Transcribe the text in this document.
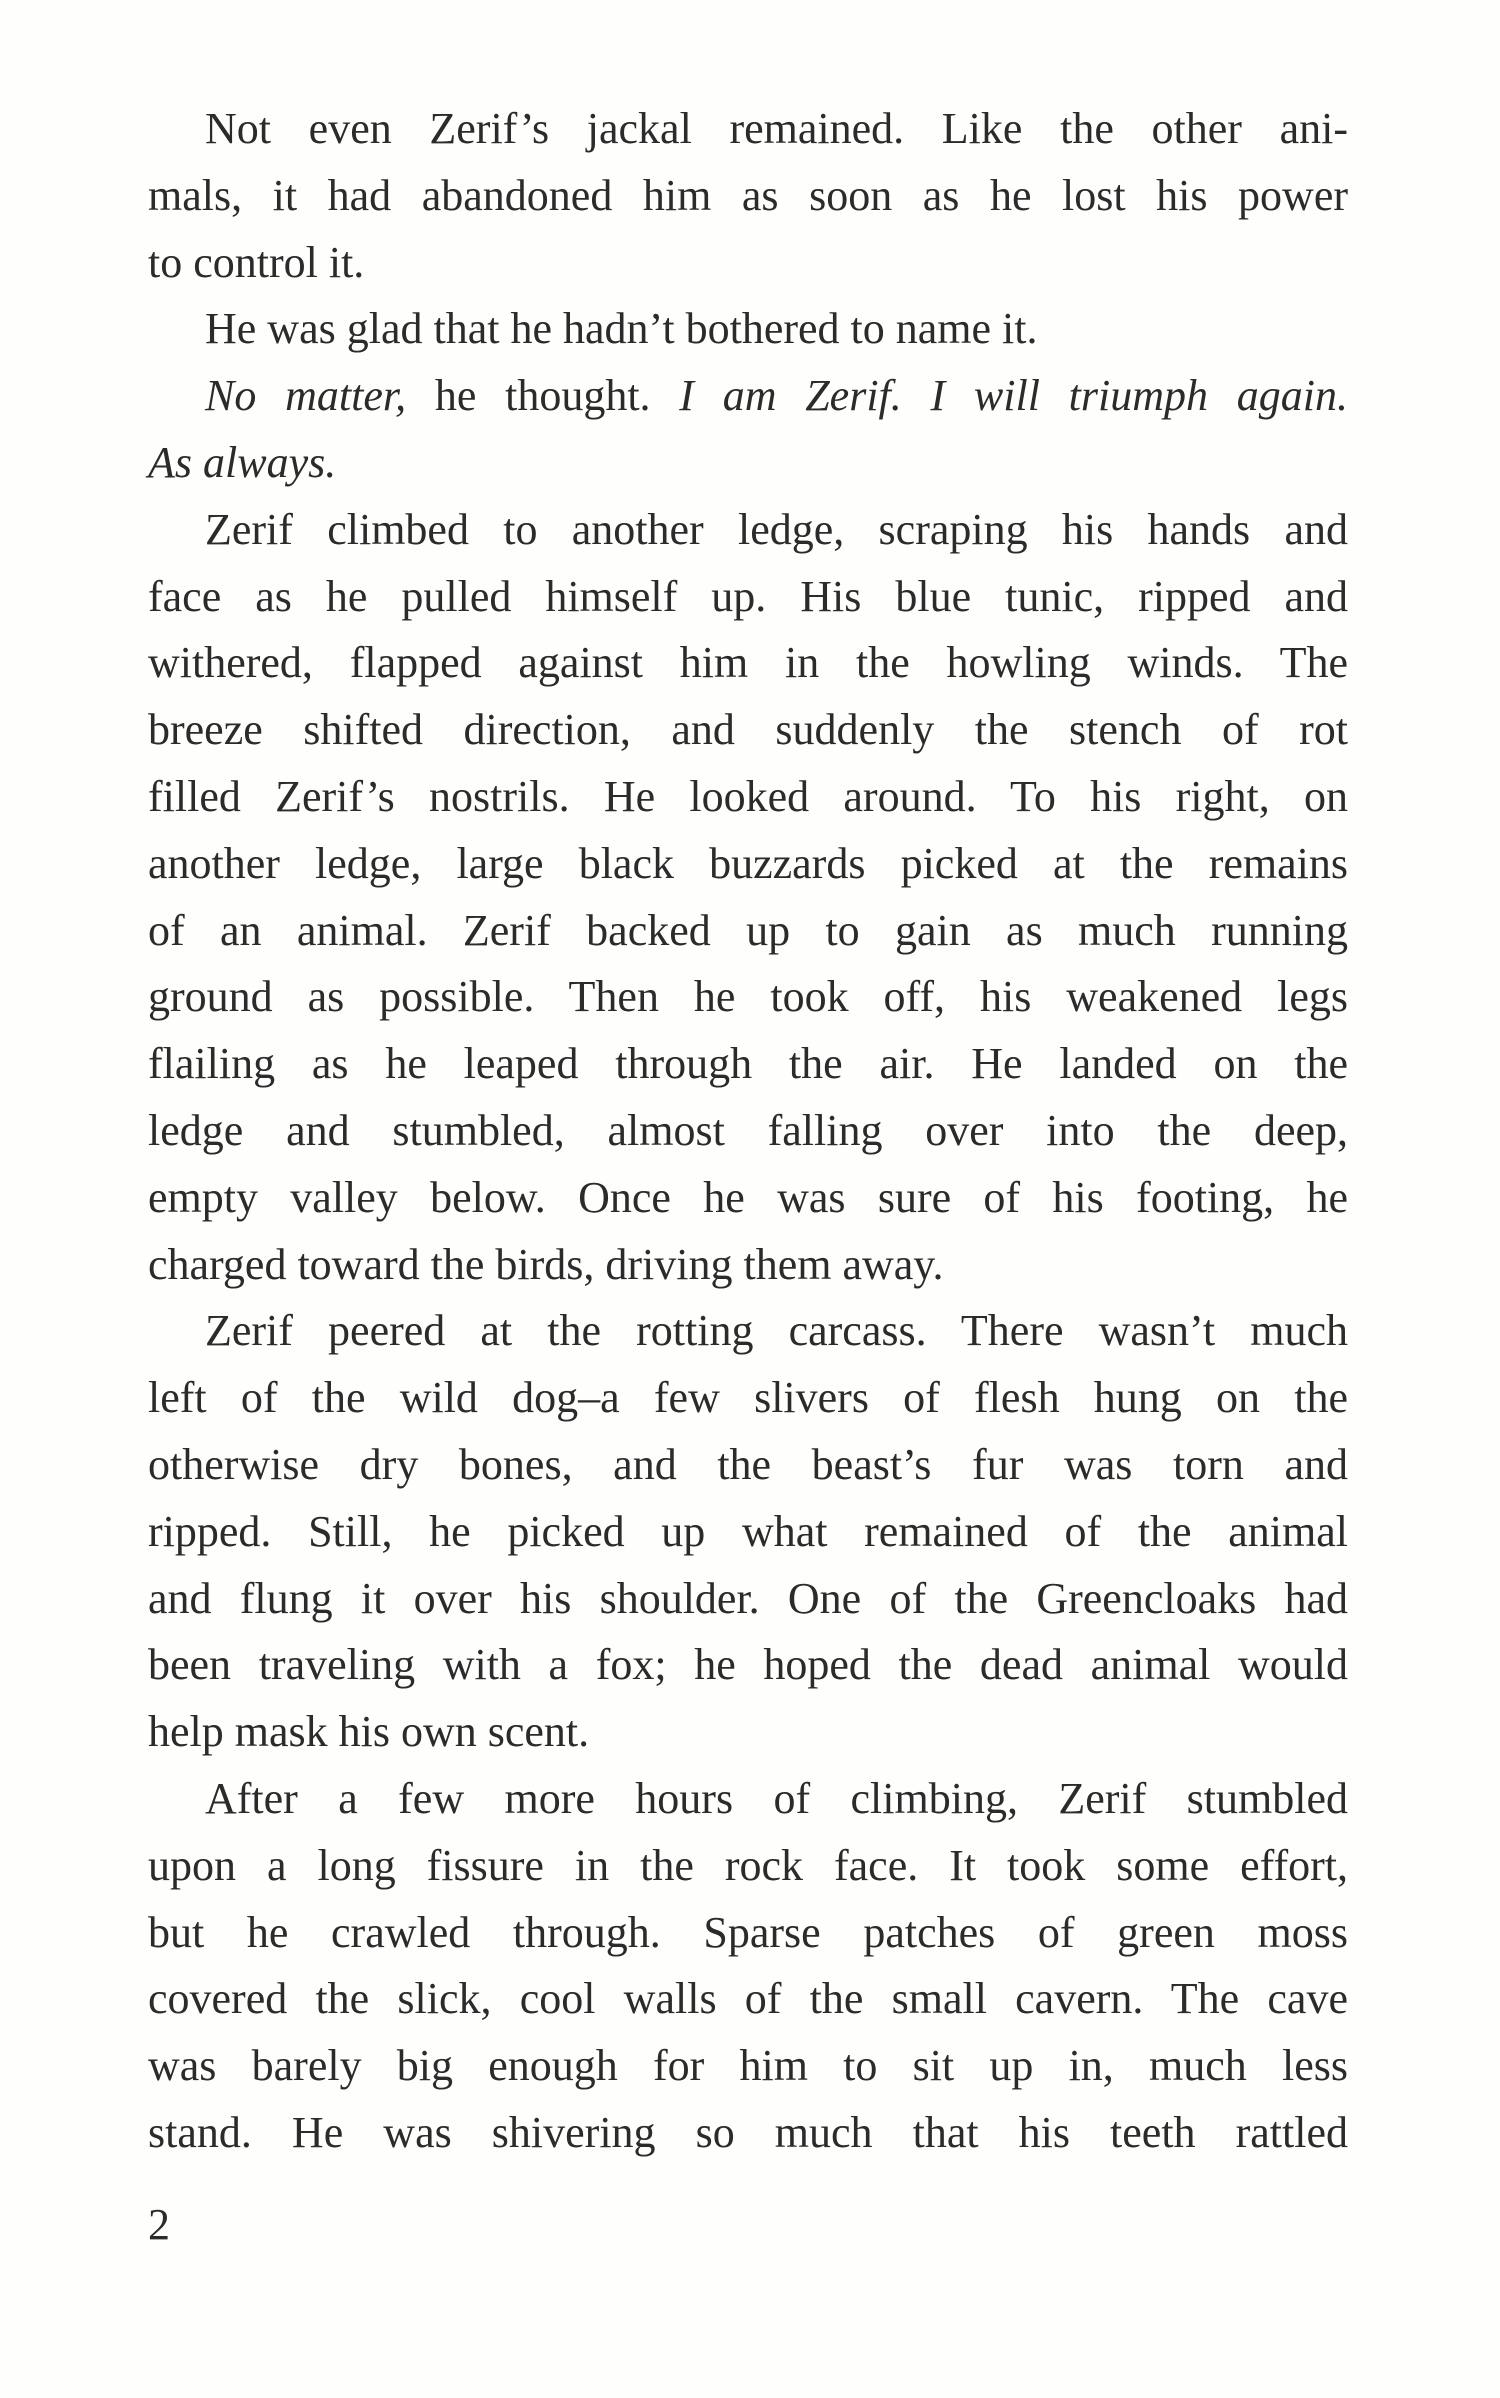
Not even Zerif’s jackal remained. Like the other ani-
mals, it had abandoned him as soon as he lost his power
to control it.
He was glad that he hadn’t bothered to name it.
No matter, he thought. I am Zerif. I will triumph again.
As always.
Zerif climbed to another ledge, scraping his hands and
face as he pulled himself up. His blue tunic, ripped and
withered, flapped against him in the howling winds. The
breeze shifted direction, and suddenly the stench of rot
filled Zerif’s nostrils. He looked around. To his right, on
another ledge, large black buzzards picked at the remains
of an animal. Zerif backed up to gain as much running
ground as possible. Then he took off, his weakened legs
flailing as he leaped through the air. He landed on the
ledge and stumbled, almost falling over into the deep,
empty valley below. Once he was sure of his footing, he
charged toward the birds, driving them away.
Zerif peered at the rotting carcass. There wasn’t much
left of the wild dog–a few slivers of flesh hung on the
otherwise dry bones, and the beast’s fur was torn and
ripped. Still, he picked up what remained of the animal
and flung it over his shoulder. One of the Greencloaks had
been traveling with a fox; he hoped the dead animal would
help mask his own scent.
After a few more hours of climbing, Zerif stumbled
upon a long fissure in the rock face. It took some effort,
but he crawled through. Sparse patches of green moss
covered the slick, cool walls of the small cavern. The cave
was barely big enough for him to sit up in, much less
stand. He was shivering so much that his teeth rattled
2
